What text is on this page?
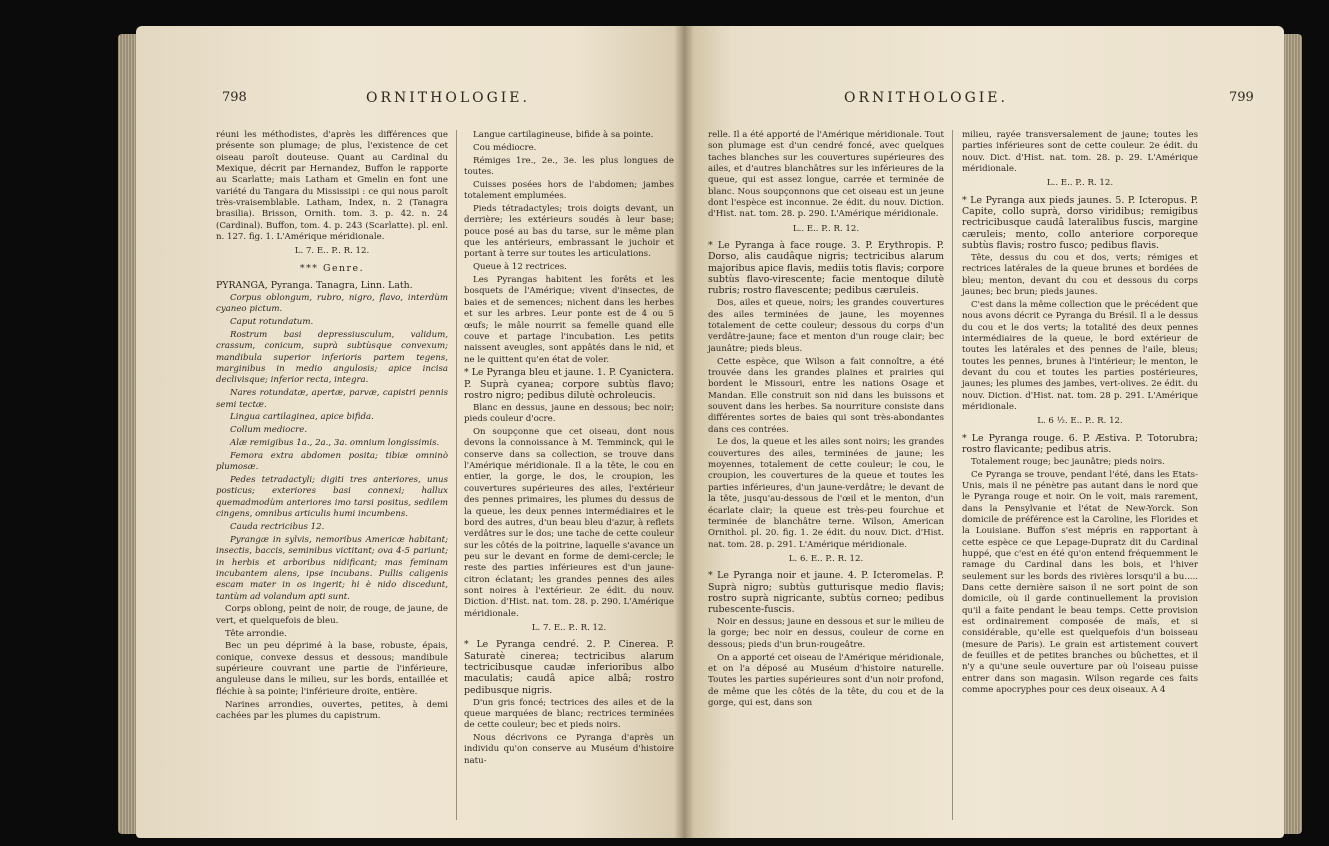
798	ORNITHOLOGIE.

réuni les méthodistes, d'après les différences que présente son plumage; de plus, l'existence de cet oiseau paroît douteuse. Quant au Cardinal du Mexique, décrit par Hernandez, Buffon le rapporte au Scarlatte; mais Latham et Gmelin en font une variété du Tangara du Mississipi : ce qui nous paroît très-vraisemblable. Latham, Index, n. 2 (Tanagra brasilia). Brisson, Ornith. tom. 3. p. 42. n. 24 (Cardinal). Buffon, tom. 4. p. 243 (Scarlatte). pl. enl. n. 127. fig. 1. L'Amérique méridionale.

L. 7. E.. P.. R. 12.

*** Genre.

PYRANGA, Pyranga. Tanagra, Linn. Lath.

Corpus oblongum, rubro, nigro, flavo, interdùm cyaneo pictum.

Caput rotundatum.

Rostrum basi depressiusculum, validum, crassum, conicum, suprà subtùsque convexum; mandibula superior inferioris partem tegens, marginibus in medio angulosis; apice incisa declivisque; inferior recta, integra.

Nares rotundatæ, apertæ, parvæ, capistri pennis semi tectæ.

Lingua cartilaginea, apice bifida.

Collum mediocre.

Alæ remigibus 1a., 2a., 3a. omnium longissimis.

Femora extra abdomen posita; tibiæ omninò plumosæ.

Pedes tetradactyli; digiti tres anteriores, unus posticus; exteriores basi connexi; hallux quemadmodùm anteriores imo tarsi positus, sedilem cingens, omnibus articulis humi incumbens.

Cauda rectricibus 12.

Pyrangæ in sylvis, nemoribus Americæ habitant; insectis, baccis, seminibus victitant; ova 4-5 pariunt; in herbis et arboribus nidificant; mas feminam incubantem alens, ipse incubans. Pullis caligenis escam mater in os ingerit; hi è nido discedunt, tantùm ad volandum apti sunt.

Corps oblong, peint de noir, de rouge, de jaune, de vert, et quelquefois de bleu.

Tête arrondie.

Bec un peu déprimé à la base, robuste, épais, conique, convexe dessus et dessous; mandibule supérieure couvrant une partie de l'inférieure, anguleuse dans le milieu, sur les bords, entaillée et fléchie à sa pointe; l'inférieure droite, entière.

Narines arrondies, ouvertes, petites, à demi cachées par les plumes du capistrum.

Langue cartilagineuse, bifide à sa pointe.

Cou médiocre.

Rémiges 1re., 2e., 3e. les plus longues de toutes.

Cuisses posées hors de l'abdomen; jambes totalement emplumées.

Pieds tétradactyles; trois doigts devant, un derrière; les extérieurs soudés à leur base; pouce posé au bas du tarse, sur le même plan que les antérieurs, embrassant le juchoir et portant à terre sur toutes les articulations.

Queue à 12 rectrices.

Les Pyrangas habitent les forêts et les bosquets de l'Amérique; vivent d'insectes, de baies et de semences; nichent dans les herbes et sur les arbres. Leur ponte est de 4 ou 5 œufs; le mâle nourrit sa femelle quand elle couve et partage l'incubation. Les petits naissent aveugles, sont appâtés dans le nid, et ne le quittent qu'en état de voler.

* Le Pyranga bleu et jaune. 1. P. Cyanictera. P. Suprà cyanea; corpore subtùs flavo; rostro nigro; pedibus dilutè ochroleucis.

Blanc en dessus, jaune en dessous; bec noir; pieds couleur d'ocre.

On soupçonne que cet oiseau, dont nous devons la connoissance à M. Temminck, qui le conserve dans sa collection, se trouve dans l'Amérique méridionale. Il a la tête, le cou en entier, la gorge, le dos, le croupion, les couvertures supérieures des ailes, l'extérieur des pennes primaires, les plumes du dessus de la queue, les deux pennes intermédiaires et le bord des autres, d'un beau bleu d'azur, à reflets verdâtres sur le dos; une tache de cette couleur sur les côtés de la poitrine, laquelle s'avance un peu sur le devant en forme de demi-cercle; le reste des parties inférieures est d'un jaune-citron éclatant; les grandes pennes des ailes sont noires à l'extérieur. 2e édit. du nouv. Diction. d'Hist. nat. tom. 28. p. 290. L'Amérique méridionale.

L. 7. E.. P.. R. 12.

* Le Pyranga cendré. 2. P. Cinerea. P. Saturatè cinerea; tectricibus alarum tectricibusque caudæ inferioribus albo maculatis; caudâ apice albâ; rostro pedibusque nigris.

D'un gris foncé; tectrices des ailes et de la queue marquées de blanc; rectrices terminées de cette couleur; bec et pieds noirs.

Nous décrivons ce Pyranga d'après un individu qu'on conserve au Muséum d'histoire natu-

ORNITHOLOGIE.	799

relle. Il a été apporté de l'Amérique méridionale. Tout son plumage est d'un cendré foncé, avec quelques taches blanches sur les couvertures supérieures des ailes, et d'autres blanchâtres sur les inférieures de la queue, qui est assez longue, carrée et terminée de blanc. Nous soupçonnons que cet oiseau est un jeune dont l'espèce est inconnue. 2e édit. du nouv. Diction. d'Hist. nat. tom. 28. p. 290. L'Amérique méridionale.

L.. E.. P.. R. 12.

* Le Pyranga à face rouge. 3. P. Erythropis. P. Dorso, alis caudâque nigris; tectricibus alarum majoribus apice flavis, mediis totis flavis; corpore subtùs flavo-virescente; facie mentoque dilutè rubris; rostro flavescente; pedibus cæruleis.

Dos, ailes et queue, noirs; les grandes couvertures des ailes terminées de jaune, les moyennes totalement de cette couleur; dessous du corps d'un verdâtre-jaune; face et menton d'un rouge clair; bec jaunâtre; pieds bleus.

Cette espèce, que Wilson a fait connoître, a été trouvée dans les grandes plaines et prairies qui bordent le Missouri, entre les nations Osage et Mandan. Elle construit son nid dans les buissons et souvent dans les herbes. Sa nourriture consiste dans différentes sortes de baies qui sont très-abondantes dans ces contrées.

Le dos, la queue et les ailes sont noirs; les grandes couvertures des ailes, terminées de jaune; les moyennes, totalement de cette couleur; le cou, le croupion, les couvertures de la queue et toutes les parties inférieures, d'un jaune-verdâtre; le devant de la tête, jusqu'au-dessous de l'œil et le menton, d'un écarlate clair; la queue est très-peu fourchue et terminée de blanchâtre terne. Wilson, American Ornithol. pl. 20. fig. 1. 2e édit. du nouv. Dict. d'Hist. nat. tom. 28. p. 291. L'Amérique méridionale.

L. 6. E.. P.. R. 12.

* Le Pyranga noir et jaune. 4. P. Icteromelas. P. Suprà nigro; subtùs gutturisque medio flavis; rostro suprà nigricante, subtùs corneo; pedibus rubescente-fuscis.

Noir en dessus; jaune en dessous et sur le milieu de la gorge; bec noir en dessus, couleur de corne en dessous; pieds d'un brun-rougeâtre.

On a apporté cet oiseau de l'Amérique méridionale, et on l'a déposé au Muséum d'histoire naturelle. Toutes les parties supérieures sont d'un noir profond, de même que les côtés de la tête, du cou et de la gorge, qui est, dans son

milieu, rayée transversalement de jaune; toutes les parties inférieures sont de cette couleur. 2e édit. du nouv. Dict. d'Hist. nat. tom. 28. p. 29. L'Amérique méridionale.

L.. E.. P.. R. 12.

* Le Pyranga aux pieds jaunes. 5. P. Icteropus. P. Capite, collo suprà, dorso viridibus; remigibus rectricibusque caudâ lateralibus fuscis, margine cæruleis; mento, collo anteriore corporeque subtùs flavis; rostro fusco; pedibus flavis.

Tête, dessus du cou et dos, verts; rémiges et rectrices latérales de la queue brunes et bordées de bleu; menton, devant du cou et dessous du corps jaunes; bec brun; pieds jaunes.

C'est dans la même collection que le précédent que nous avons décrit ce Pyranga du Brésil. Il a le dessus du cou et le dos verts; la totalité des deux pennes intermédiaires de la queue, le bord extérieur de toutes les latérales et des pennes de l'aile, bleus; toutes les pennes, brunes à l'intérieur; le menton, le devant du cou et toutes les parties postérieures, jaunes; les plumes des jambes, vert-olives. 2e édit. du nouv. Diction. d'Hist. nat. tom. 28 p. 291. L'Amérique méridionale.

L. 6 ½. E.. P.. R. 12.

* Le Pyranga rouge. 6. P. Æstiva. P. Totorubra; rostro flavicante; pedibus atris.

Totalement rouge; bec jaunâtre; pieds noirs.

Ce Pyranga se trouve, pendant l'été, dans les Etats-Unis, mais il ne pénètre pas autant dans le nord que le Pyranga rouge et noir. On le voit, mais rarement, dans la Pensylvanie et l'état de New-Yorck. Son domicile de préférence est la Caroline, les Florides et la Louisiane. Buffon s'est mépris en rapportant à cette espèce ce que Lepage-Dupratz dit du Cardinal huppé, que c'est en été qu'on entend fréquemment le ramage du Cardinal dans les bois, et l'hiver seulement sur les bords des rivières lorsqu'il a bu..... Dans cette dernière saison il ne sort point de son domicile, où il garde continuellement la provision qu'il a faite pendant le beau temps. Cette provision est ordinairement composée de maïs, et si considérable, qu'elle est quelquefois d'un boisseau (mesure de Paris). Le grain est artistement couvert de feuilles et de petites branches ou bûchettes, et il n'y a qu'une seule ouverture par où l'oiseau puisse entrer dans son magasin. Wilson regarde ces faits comme apocryphes pour ces deux oiseaux. A 4
